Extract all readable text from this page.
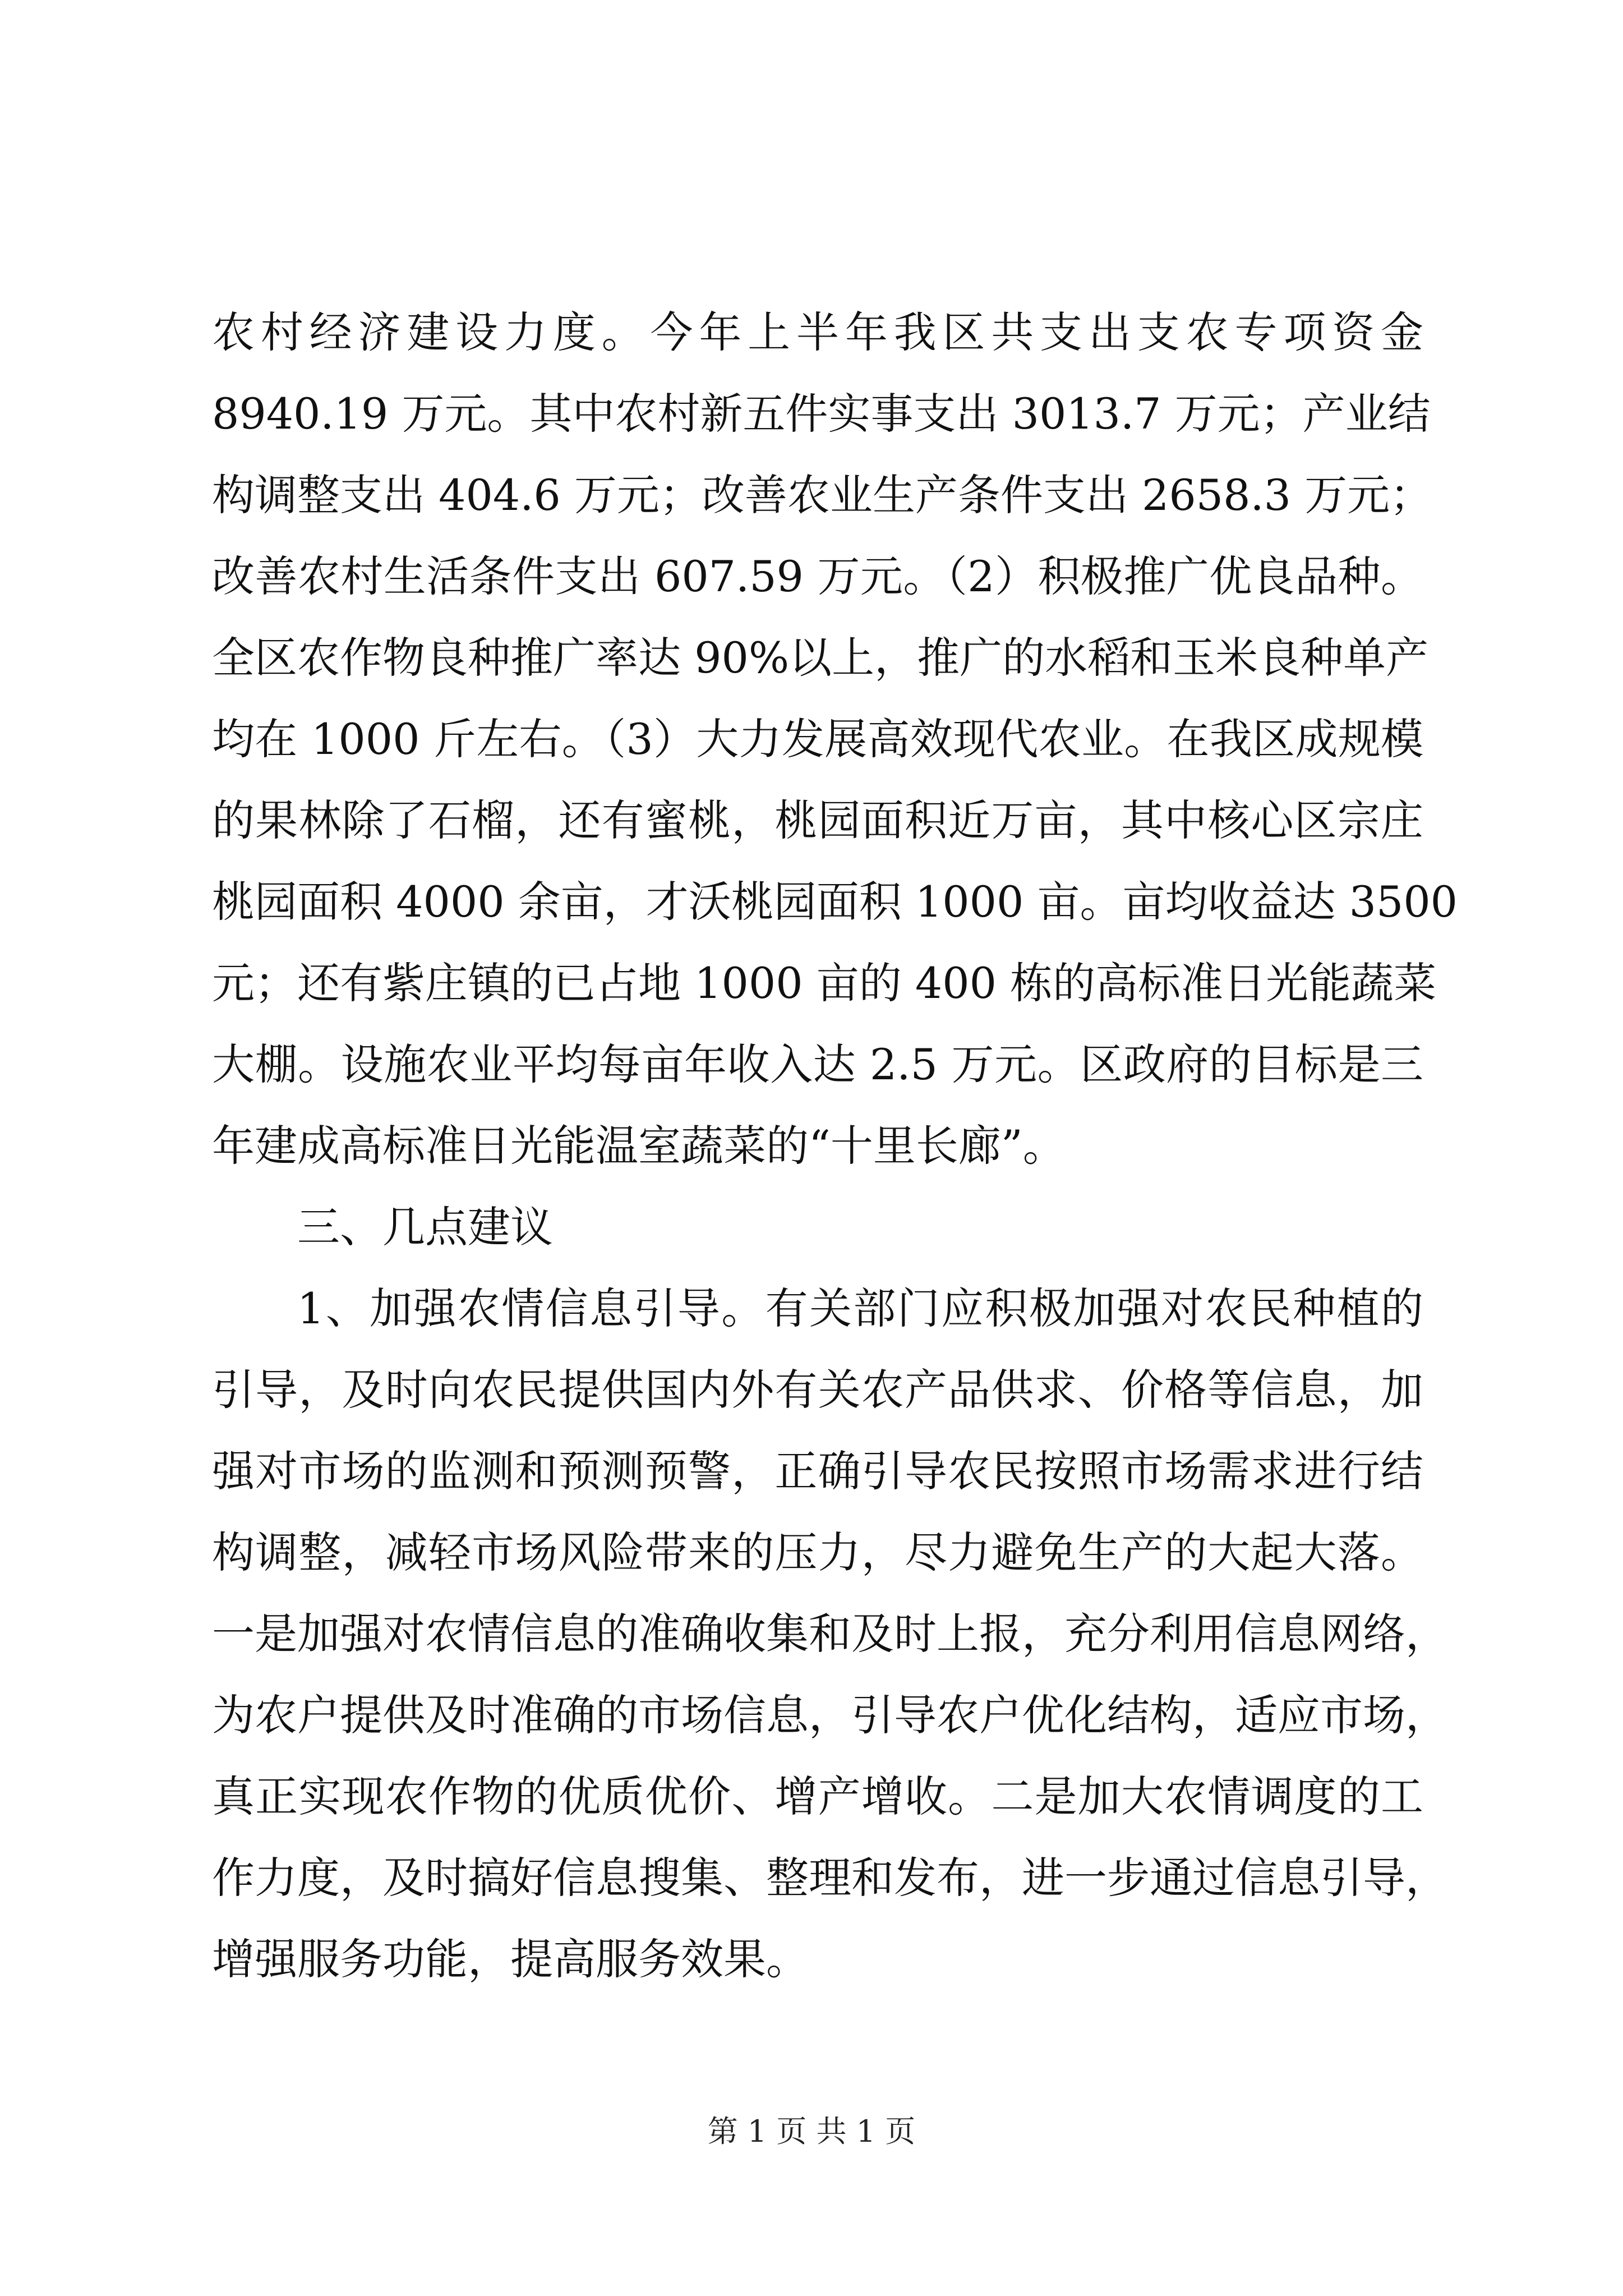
农村经济建设力度。今年上半年我区共支出支农专项资金
8940.19 万元。其中农村新五件实事支出 3013.7 万元；产业结
构调整支出 404.6 万元；改善农业生产条件支出 2658.3 万元；
改善农村生活条件支出 607.59 万元。（2）积极推广优良品种。
全区农作物良种推广率达 90%以上，推广的水稻和玉米良种单产
均在 1000 斤左右。（3）大力发展高效现代农业。在我区成规模
的果林除了石榴，还有蜜桃，桃园面积近万亩，其中核心区宗庄
桃园面积 4000 余亩，才沃桃园面积 1000 亩。亩均收益达 3500
元；还有紫庄镇的已占地 1000 亩的 400 栋的高标准日光能蔬菜
大棚。设施农业平均每亩年收入达 2.5 万元。区政府的目标是三
年建成高标准日光能温室蔬菜的“十里长廊”。
三、几点建议
1、加强农情信息引导。有关部门应积极加强对农民种植的
引导，及时向农民提供国内外有关农产品供求、价格等信息，加
强对市场的监测和预测预警，正确引导农民按照市场需求进行结
构调整，减轻市场风险带来的压力，尽力避免生产的大起大落。
一是加强对农情信息的准确收集和及时上报，充分利用信息网络，
为农户提供及时准确的市场信息，引导农户优化结构，适应市场，
真正实现农作物的优质优价、增产增收。二是加大农情调度的工
作力度，及时搞好信息搜集、整理和发布，进一步通过信息引导，
增强服务功能，提高服务效果。
第 1 页 共 1 页
